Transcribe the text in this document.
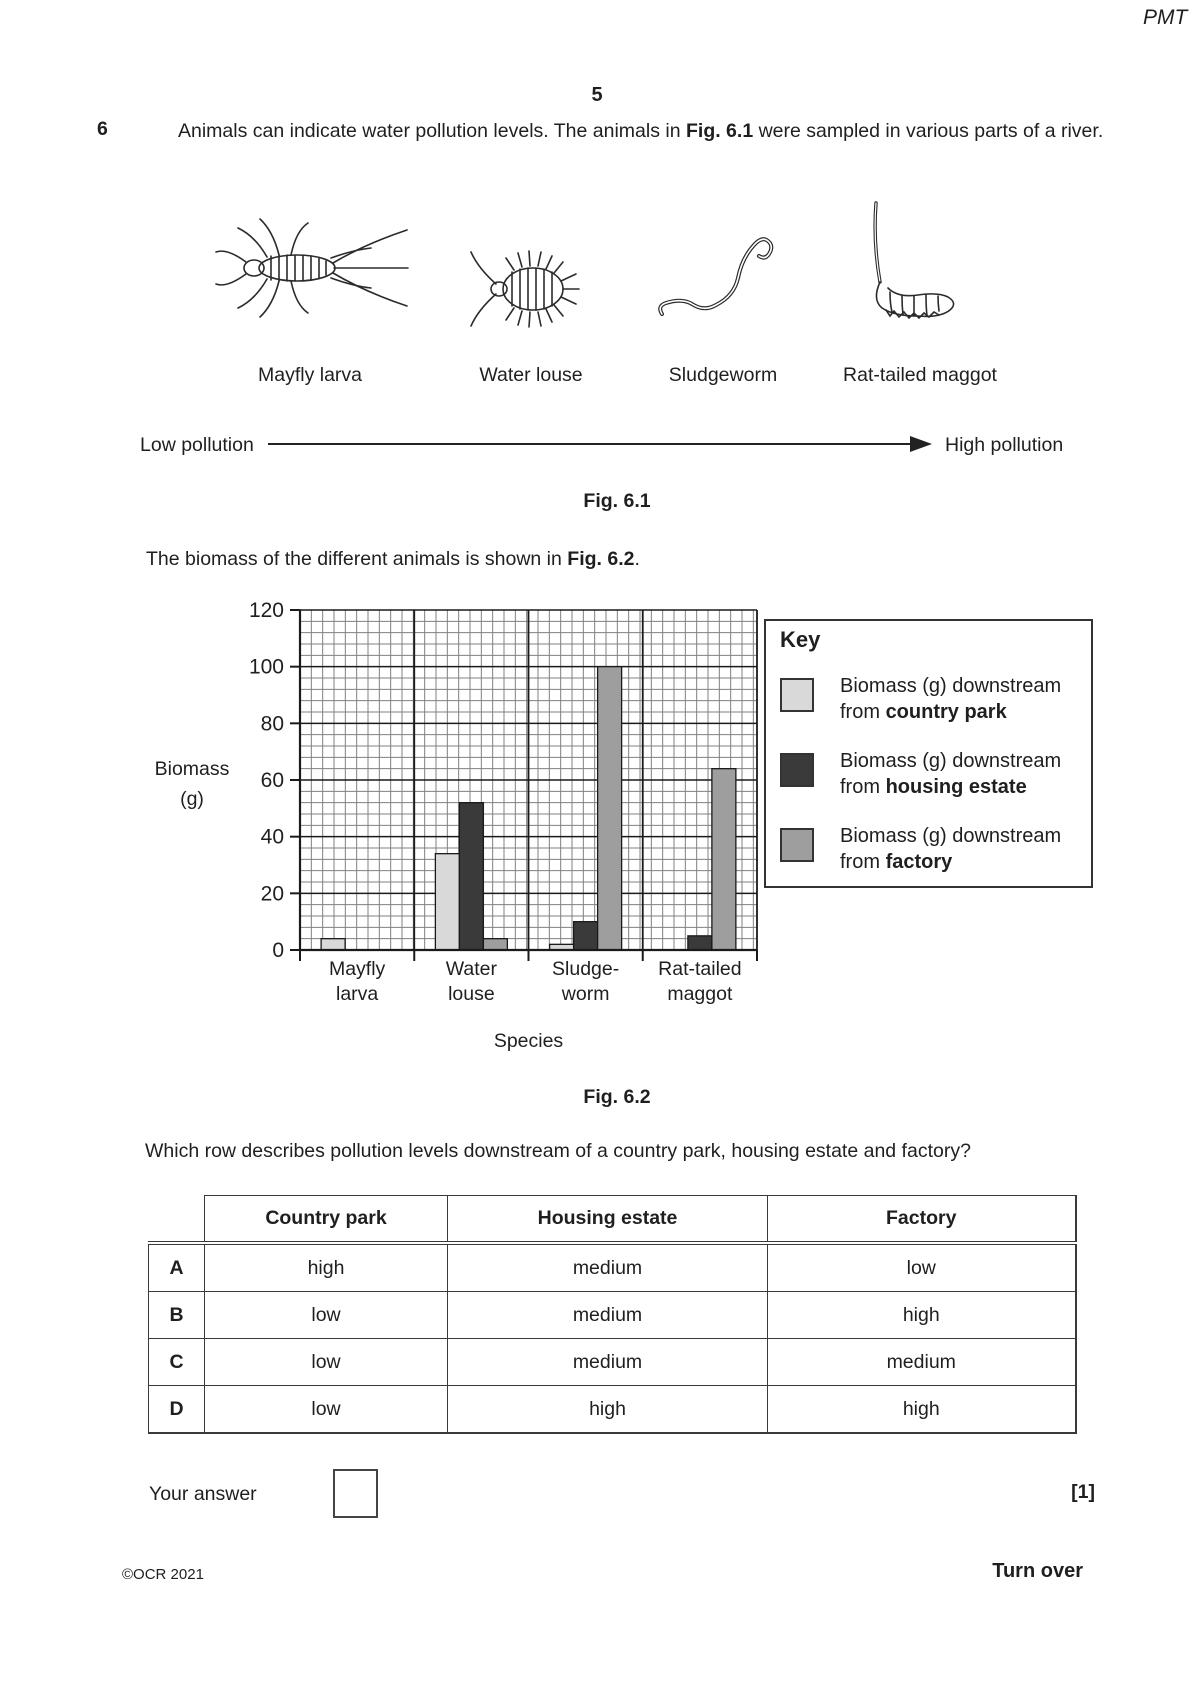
PMT
5
6	Animals can indicate water pollution levels. The animals in Fig. 6.1 were sampled in various parts of a river.
Mayfly larva	Water louse	Sludgeworm	Rat-tailed maggot
Low pollution	High pollution
Fig. 6.1
The biomass of the different animals is shown in Fig. 6.2.
0
20
40
60
80
100
120
Mayfly
larva
Water
louse
Sludge-
worm
Rat-tailed
maggot
Biomass
(g)
Species
Key
Biomass (g) downstream
from country park
Biomass (g) downstream
from housing estate
Biomass (g) downstream
from factory
Fig. 6.2
Which row describes pollution levels downstream of a country park, housing estate and factory?
	Country park	Housing estate	Factory
A	high	medium	low
B	low	medium	high
C	low	medium	medium
D	low	high	high
Your answer	[1]
©OCR 2021	Turn over
